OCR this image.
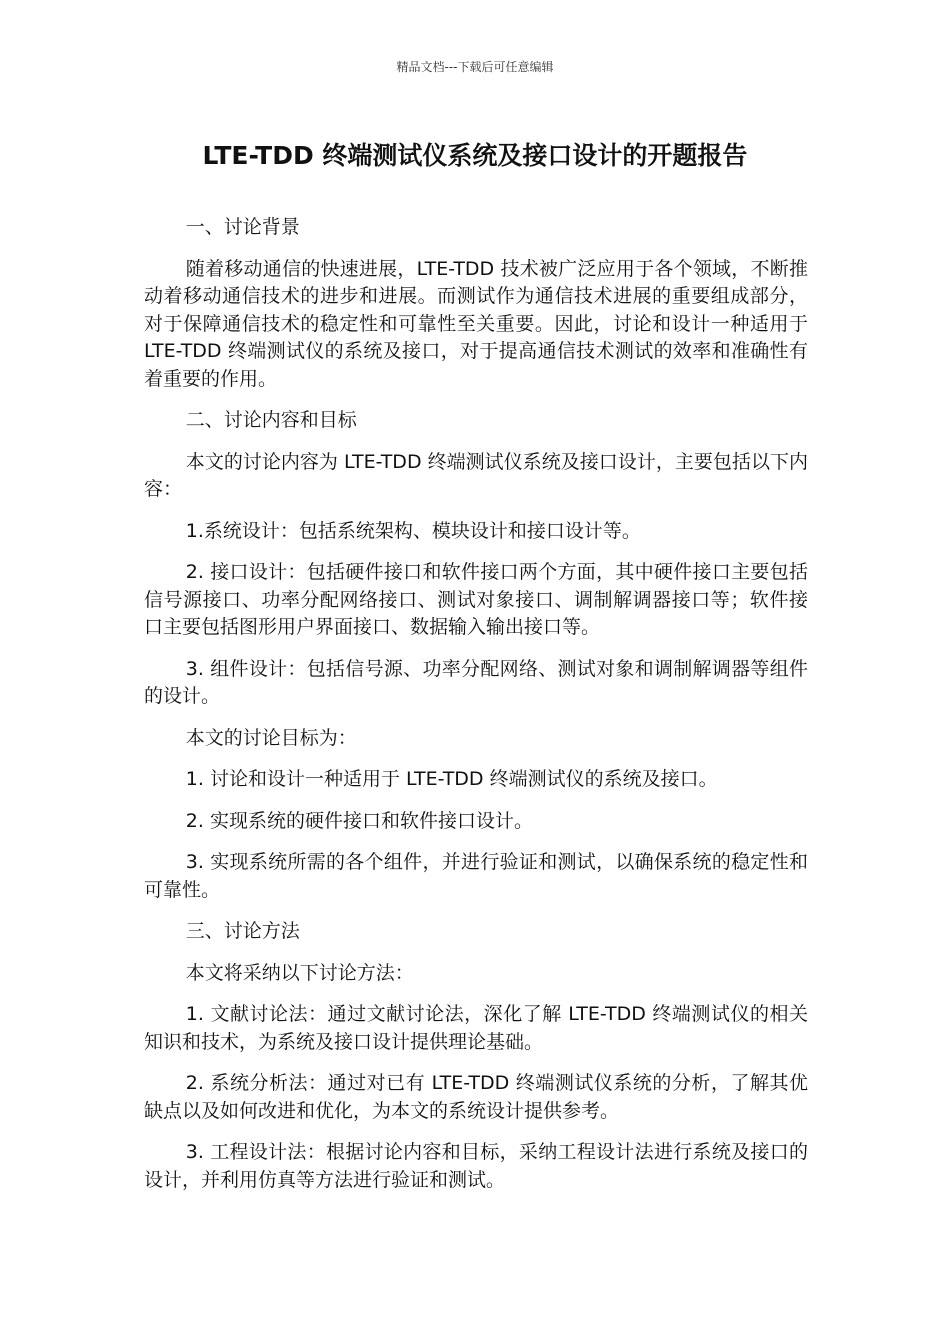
精品文档---下载后可任意编辑
LTE-TDD 终端测试仪系统及接口设计的开题报告

一、讨论背景

随着移动通信的快速进展，LTE-TDD 技术被广泛应用于各个领域，不断推动着移动通信技术的进步和进展。而测试作为通信技术进展的重要组成部分，对于保障通信技术的稳定性和可靠性至关重要。因此，讨论和设计一种适用于 LTE-TDD 终端测试仪的系统及接口，对于提高通信技术测试的效率和准确性有着重要的作用。

二、讨论内容和目标

本文的讨论内容为 LTE-TDD 终端测试仪系统及接口设计，主要包括以下内容：

1.系统设计：包括系统架构、模块设计和接口设计等。

2. 接口设计：包括硬件接口和软件接口两个方面，其中硬件接口主要包括信号源接口、功率分配网络接口、测试对象接口、调制解调器接口等；软件接口主要包括图形用户界面接口、数据输入输出接口等。

3. 组件设计：包括信号源、功率分配网络、测试对象和调制解调器等组件的设计。

本文的讨论目标为：

1. 讨论和设计一种适用于 LTE-TDD 终端测试仪的系统及接口。

2. 实现系统的硬件接口和软件接口设计。

3. 实现系统所需的各个组件，并进行验证和测试，以确保系统的稳定性和可靠性。

三、讨论方法

本文将采纳以下讨论方法：

1. 文献讨论法：通过文献讨论法，深化了解 LTE-TDD 终端测试仪的相关知识和技术，为系统及接口设计提供理论基础。

2. 系统分析法：通过对已有 LTE-TDD 终端测试仪系统的分析，了解其优缺点以及如何改进和优化，为本文的系统设计提供参考。

3. 工程设计法：根据讨论内容和目标，采纳工程设计法进行系统及接口的设计，并利用仿真等方法进行验证和测试。
